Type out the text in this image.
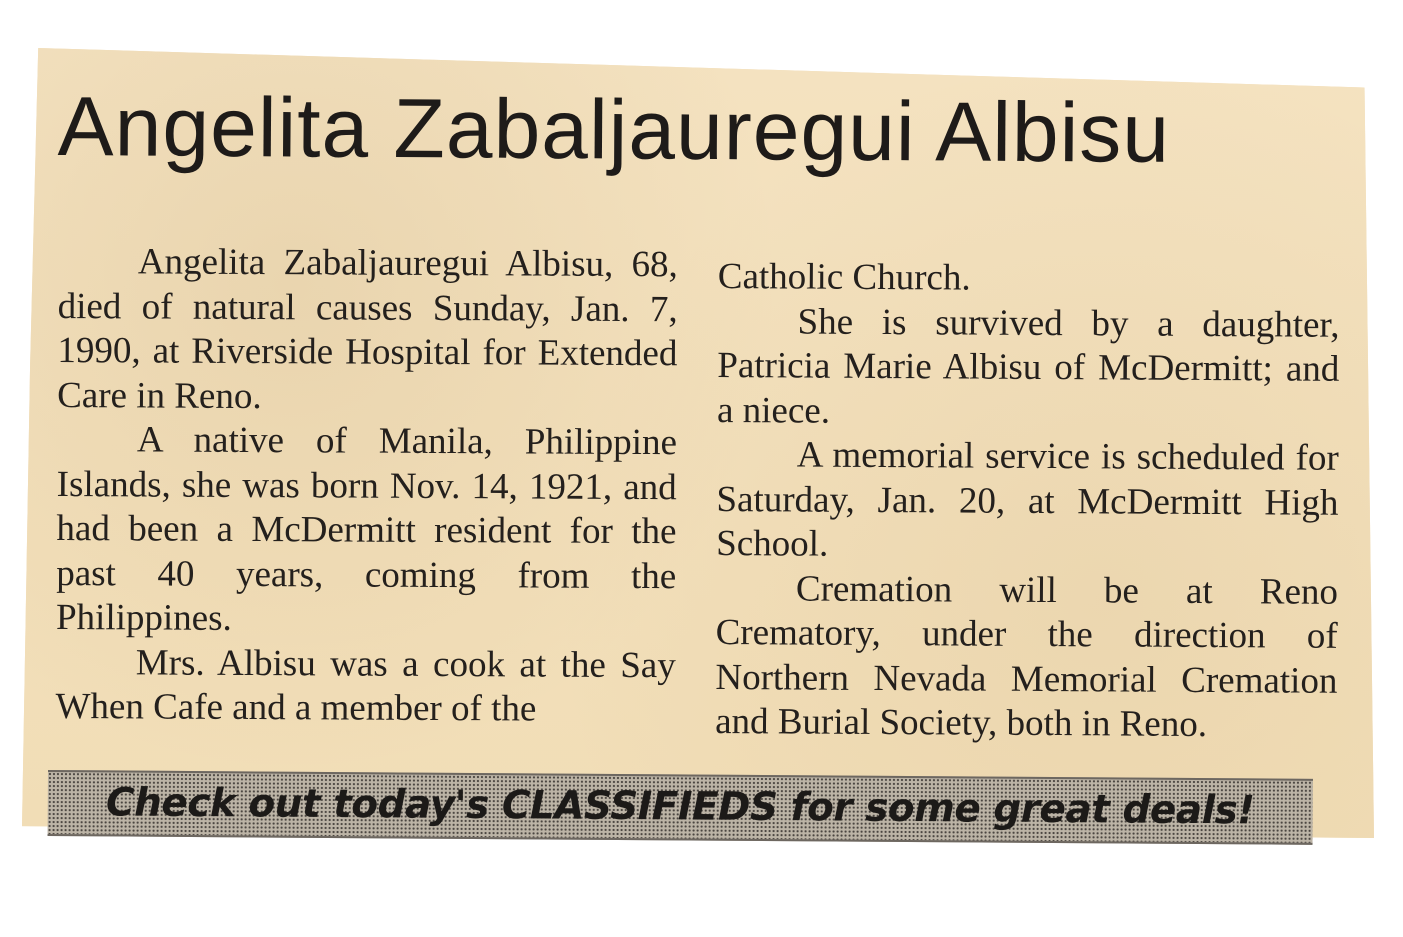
Angelita Zabaljauregui Albisu

Angelita Zabaljauregui Albisu, 68, died of natural causes Sunday, Jan. 7, 1990, at Riverside Hospital for Extended Care in Reno.

A native of Manila, Philippine Islands, she was born Nov. 14, 1921, and had been a McDermitt resident for the past 40 years, coming from the Philippines.

Mrs. Albisu was a cook at the Say When Cafe and a member of the

Catholic Church.

She is survived by a daughter, Patricia Marie Albisu of McDermitt; and a niece.

A memorial service is scheduled for Saturday, Jan. 20, at McDermitt High School.

Cremation will be at Reno Crematory, under the direction of Northern Nevada Memorial Cremation and Burial Society, both in Reno.

Check out today's CLASSIFIEDS for some great deals!
